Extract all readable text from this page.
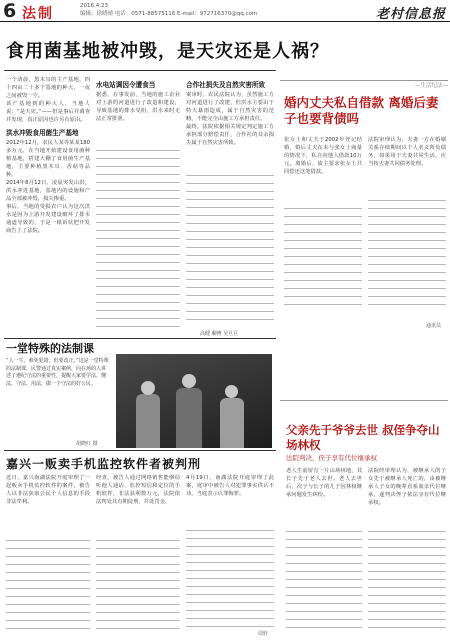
6 法制	2016.4.23
编辑：徐晓晴 电话：0571-88575116 E-mail：972716370@qq.com	老村信息报
食用菌基地被冲毁，是天灾还是人祸？

一个清晨，黑木耳的主产基地，四十四亩二十多个基地的种大，一夜之间被毁一空。

该产基地到的种大人，当地人说：“是天灾。”——但是事后并调查并发现，真正原因也许另有原由。

洪水冲毁食用菌生产基地

2012年12月，农民人某等某某180多万元，在当地开始建设食用菌种植基地，搭建大棚了食用菌生产基地，主要种植黑木耳、香菇等品种。

2014年8月12日，凌晨突发山洪，洪水冲进基地，基地内的设施和产品全部被冲毁，损失惨重。

事后，当地的受损农户认为这次洪水是因为上游开发建设破坏了排水通道导致的，于是一纸诉状把开发商告上了法院。

水电站调因令遭食当

据悉，在事发前，当地的施工企业对上游的河道进行了改造和建设，导致基地的排水受阻，洪水来时无法正常排泄。

合作社损失及自然灾害所致

案审时，农民法院认为，虽然施工方对河道进行了改建，但洪水主要由于特大暴雨造成，属于自然灾害的范畴，不能完全由施工方承担责任。

最终，法院依据相关规定判定施工方承担部分赔偿责任，合作社的其余损失属于自然灾害所致。

高健 聊傅 吴旦旦
一堂特殊的法制课
“人一生，难免犯错，但要改正。”这是一堂特殊的法制课，民警通过真实案例，向在场的人讲述了遵纪守法的重要性，提醒大家要学法、懂法、守法、用法，做一个守法的好公民。
胡晓红 摄
嘉兴一贩卖手机监控软件者被判刑

近日，嘉兴南湖法院开庭审理了一起贩卖手机监控软件的案件，被告人以非法获取公民个人信息的手段非法牟利。

经查，被告人通过网络销售能够窃听他人通话、监控短信和定位的手机软件，非法获利数万元，法院依法判处其有期徒刑，并处罚金。

4月19日，南湖法院开庭审理了此案，庭审中被告人对犯罪事实供认不讳，当庭表示认罪悔罪。

周轩
—生活纪法—
婚内丈夫私自借款 离婚后妻子也要背债吗

张女士和丈夫于2002年登记结婚，婚后丈夫在未与张女士商量的情况下，私自向他人借款10万元。离婚后，债主要求张女士共同偿还这笔借款。

法院审理认为，夫妻一方在婚姻关系存续期间以个人名义所负债务，如果用于夫妻共同生活，应当按夫妻共同债务处理。

通讯员
父亲先于爷爷去世 叔侄争夺山场林权
法院判决，侄子享有代位继承权

老人生前留有一片山场林地，其长子先于老人去世。老人去世后，次子与长子的儿子因林权继承问题发生纠纷。

法院经审理认为，被继承人的子女先于被继承人死亡的，由被继承人子女的晚辈直系血亲代位继承，遂判决侄子依法享有代位继承权。
